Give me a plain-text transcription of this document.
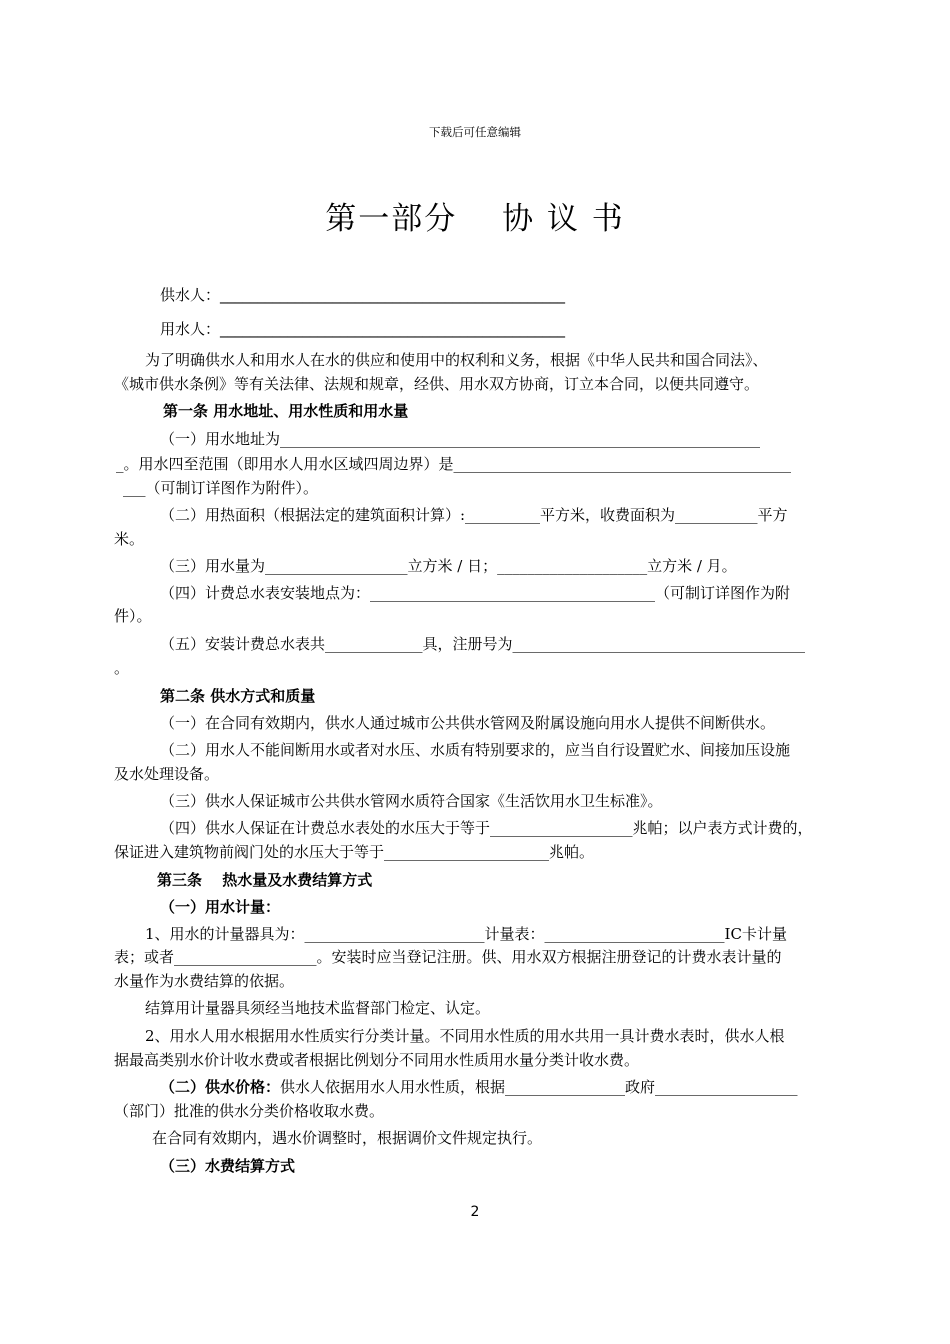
下载后可任意编辑
第一部分　 协 议 书
供水人：______________________________________________
用水人：______________________________________________
为了明确供水人和用水人在水的供应和使用中的权利和义务，根据《中华人民共和国合同法》、
《城市供水条例》等有关法律、法规和规章，经供、用水双方协商，订立本合同，以便共同遵守。
第一条 用水地址、用水性质和用水量
（一）用水地址为________________________________________________________________
_。用水四至范围（即用水人用水区域四周边界）是_____________________________________________
___（可制订详图作为附件）。
（二）用热面积（根据法定的建筑面积计算）:__________平方米，收费面积为___________平方
米。
（三）用水量为___________________立方米 / 日；____________________立方米 / 月。
（四）计费总水表安装地点为：______________________________________（可制订详图作为附
件）。
（五）安装计费总水表共_____________具，注册号为_______________________________________
。
第二条 供水方式和质量
（一）在合同有效期内，供水人通过城市公共供水管网及附属设施向用水人提供不间断供水。
（二）用水人不能间断用水或者对水压、水质有特别要求的，应当自行设置贮水、间接加压设施
及水处理设备。
（三）供水人保证城市公共供水管网水质符合国家《生活饮用水卫生标准》。
（四）供水人保证在计费总水表处的水压大于等于___________________兆帕；以户表方式计费的，
保证进入建筑物前阀门处的水压大于等于______________________兆帕。
第三条　 热水量及水费结算方式
（一）用水计量：
1、用水的计量器具为：________________________计量表：________________________IC卡计量
表；或者___________________。安装时应当登记注册。供、用水双方根据注册登记的计费水表计量的
水量作为水费结算的依据。
结算用计量器具须经当地技术监督部门检定、认定。
2、用水人用水根据用水性质实行分类计量。不同用水性质的用水共用一具计费水表时，供水人根
据最高类别水价计收水费或者根据比例划分不同用水性质用水量分类计收水费。
（二）供水价格：供水人依据用水人用水性质，根据________________政府___________________
（部门）批准的供水分类价格收取水费。
在合同有效期内，遇水价调整时，根据调价文件规定执行。
（三）水费结算方式
2
